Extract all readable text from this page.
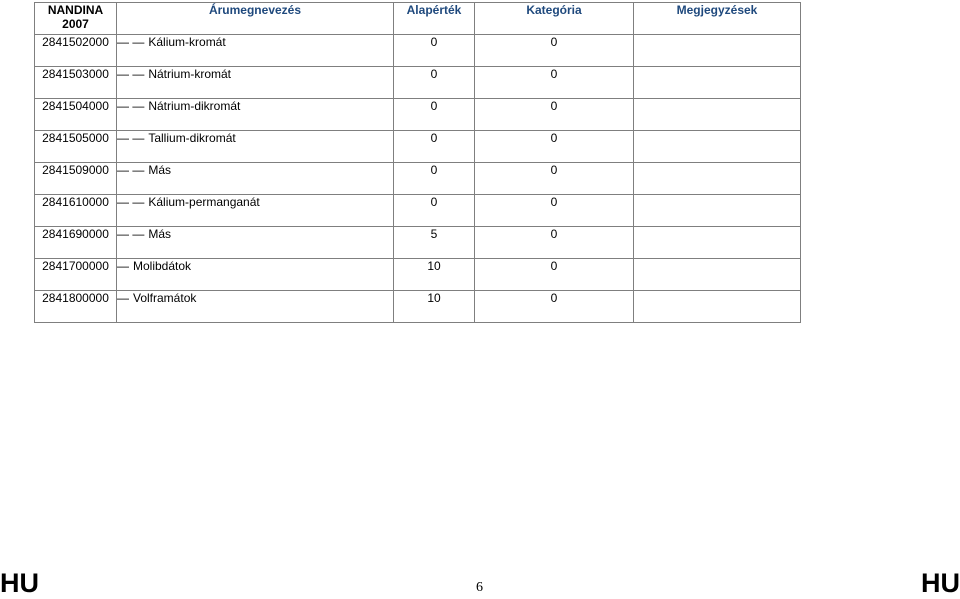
NANDINA
2007	Árumegnevezés	Alapérték	Kategória	Megjegyzések
2841502000	— — Kálium-kromát	0	0	
2841503000	— — Nátrium-kromát	0	0	
2841504000	— — Nátrium-dikromát	0	0	
2841505000	— — Tallium-dikromát	0	0	
2841509000	— — Más	0	0	
2841610000	— — Kálium-permanganát	0	0	
2841690000	— — Más	5	0	
2841700000	— Molibdátok	10	0	
2841800000	— Volframátok	10	0	
HU	6	HU
